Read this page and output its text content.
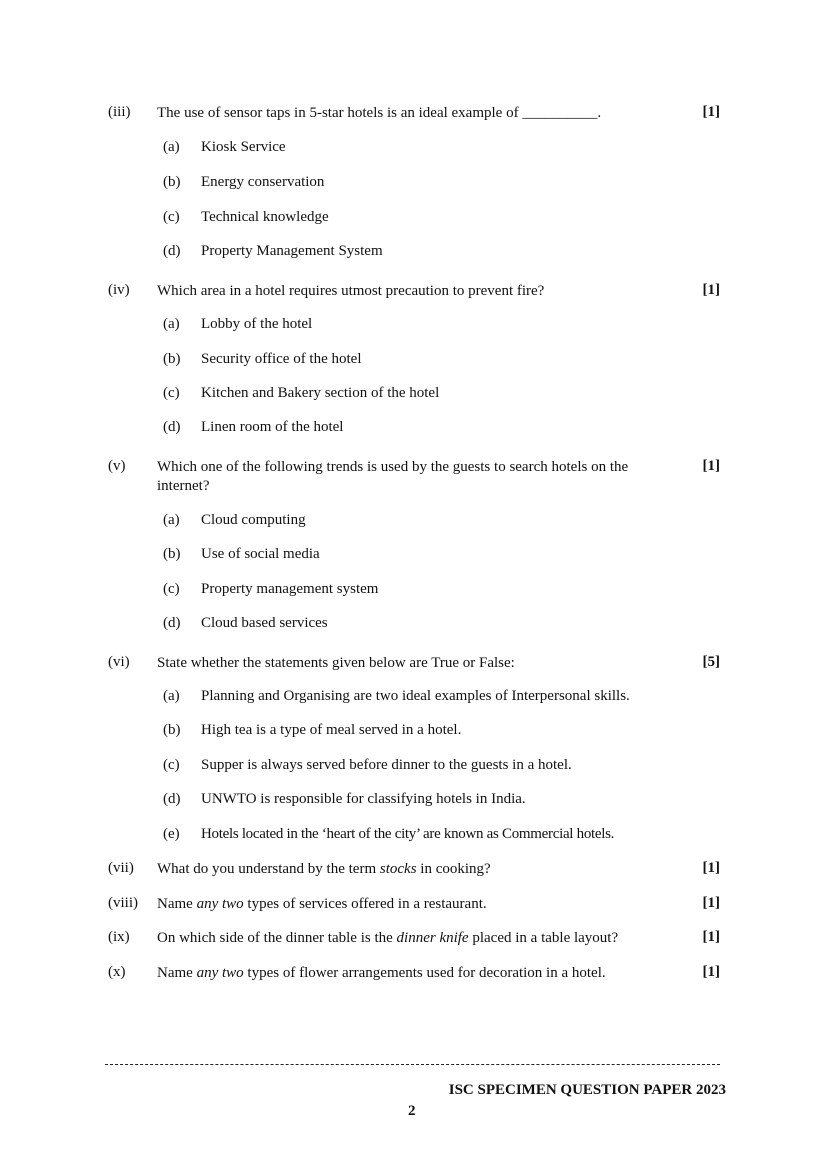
(iii) The use of sensor taps in 5-star hotels is an ideal example of __________.	[1]
(a) Kiosk Service
(b) Energy conservation
(c) Technical knowledge
(d) Property Management System
(iv) Which area in a hotel requires utmost precaution to prevent fire?	[1]
(a) Lobby of the hotel
(b) Security office of the hotel
(c) Kitchen and Bakery section of the hotel
(d) Linen room of the hotel
(v) Which one of the following trends is used by the guests to search hotels on the internet?
[1]
(a) Cloud computing
(b) Use of social media
(c) Property management system
(d) Cloud based services
(vi) State whether the statements given below are True or False:	[5]
(a) Planning and Organising are two ideal examples of Interpersonal skills.
(b) High tea is a type of meal served in a hotel.
(c) Supper is always served before dinner to the guests in a hotel.
(d) UNWTO is responsible for classifying hotels in India.
(e) Hotels located in the ‘heart of the city’ are known as Commercial hotels.
(vii) What do you understand by the term stocks in cooking?	[1]
(viii) Name any two types of services offered in a restaurant.	[1]
(ix) On which side of the dinner table is the dinner knife placed in a table layout?	[1]
(x) Name any two types of flower arrangements used for decoration in a hotel.	[1]
ISC SPECIMEN QUESTION PAPER 2023
2
